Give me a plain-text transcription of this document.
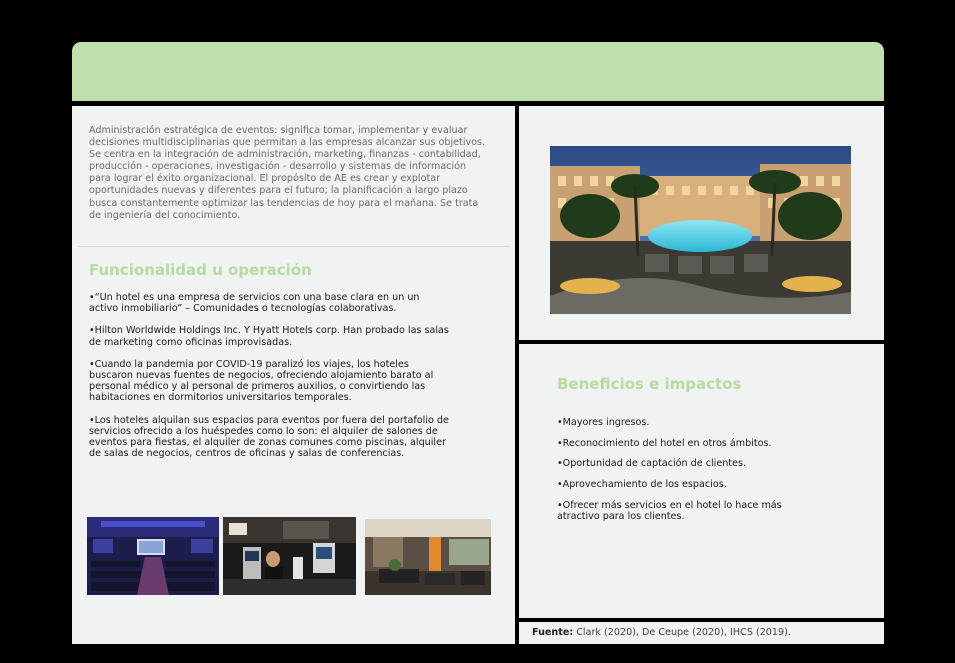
Administración estratégica de eventos: significa tomar, implementar y evaluar decisiones multidisciplinarias que permitan a las empresas alcanzar sus objetivos. Se centra en la integración de administración, marketing, finanzas - contabilidad, producción - operaciones, investigación - desarrollo y sistemas de información para lograr el éxito organizacional. El propósito de AE es crear y explotar oportunidades nuevas y diferentes para el futuro; la planificación a largo plazo busca constantemente optimizar las tendencias de hoy para el mañana. Se trata de ingeniería del conocimiento.
Funcionalidad u operación

•“Un hotel es una empresa de servicios con una base clara en un un activo inmobiliario” – Comunidades o tecnologías colaborativas.

•Hilton Worldwide Holdings Inc. Y Hyatt Hotels corp. Han probado las salas de marketing como oficinas improvisadas.

•Cuando la pandemia por COVID-19 paralizó los viajes, los hoteles buscaron nuevas fuentes de negocios, ofreciendo alojamiento barato al personal médico y al personal de primeros auxilios, o convirtiendo las habitaciones en dormitorios universitarios temporales.

•Los hoteles alquilan sus espacios para eventos por fuera del portafolio de servicios ofrecido a los huéspedes como lo son: el alquiler de salones de eventos para fiestas, el alquiler de zonas comunes como piscinas, alquiler de salas de negocios, centros de oficinas y salas de conferencias.

Beneficios e impactos

•Mayores ingresos.

•Reconocimiento del hotel en otros ámbitos.

•Oportunidad de captación de clientes.

•Aprovechamiento de los espacios.

•Ofrecer más servicios en el hotel lo hace más atractivo para los clientes.

Fuente: Clark (2020), De Ceupe (2020), IHCS (2019).
